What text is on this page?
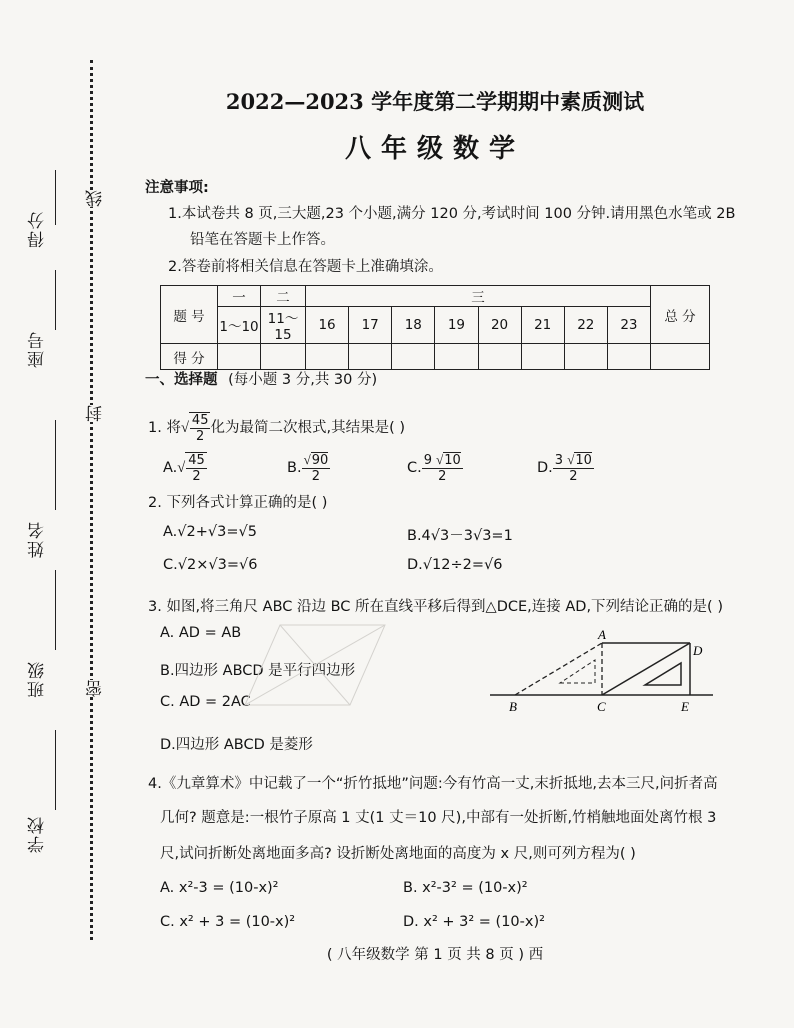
得分
座号
姓名
班级
学校
线
封
密
2022—2023 学年度第二学期期中素质测试
八年级数学
注意事项:
1.本试卷共 8 页,三大题,23 个小题,满分 120 分,考试时间 100 分钟.请用黑色水笔或 2B
铅笔在答题卡上作答。
2.答卷前将相关信息在答题卡上准确填涂。
题 号	一	二	三								总 分
	1～10	11～15	16	17	18	19	20	21	22	23	
得 分											
一、选择题 (每小题 3 分,共 30 分)
1. 将√ $\frac{45}{2}$ 化为最简二次根式,其结果是( )
$A.√ \frac{45}{2}$	B. $\frac{√90}{2}$	C. $\frac{9 √10}{2}$	D. $\frac{3 √10}{2}$
2. 下列各式计算正确的是( )
A.√2+√3=√5	B.4√3－3√3=1
C.√2×√3=√6	D.√12÷2=√6
3. 如图,将三角尺 ABC 沿边 BC 所在直线平移后得到△DCE,连接 AD,下列结论正确的是( )
A. AD = AB
B.四边形 ABCD 是平行四边形
C. AD = 2AC
D.四边形 ABCD 是菱形
A
D
B	C	E
4.《九章算术》中记载了一个“折竹抵地”问题:今有竹高一丈,末折抵地,去本三尺,问折者高
几何? 题意是:一根竹子原高 1 丈(1 丈＝10 尺),中部有一处折断,竹梢触地面处离竹根 3
尺,试问折断处离地面多高? 设折断处离地面的高度为 x 尺,则可列方程为( )
A. x²-3 = (10-x)²	B. x²-3² = (10-x)²
C. x² + 3 = (10-x)²	D. x² + 3² = (10-x)²
( 八年级数学 第 1 页 共 8 页 ) 西
